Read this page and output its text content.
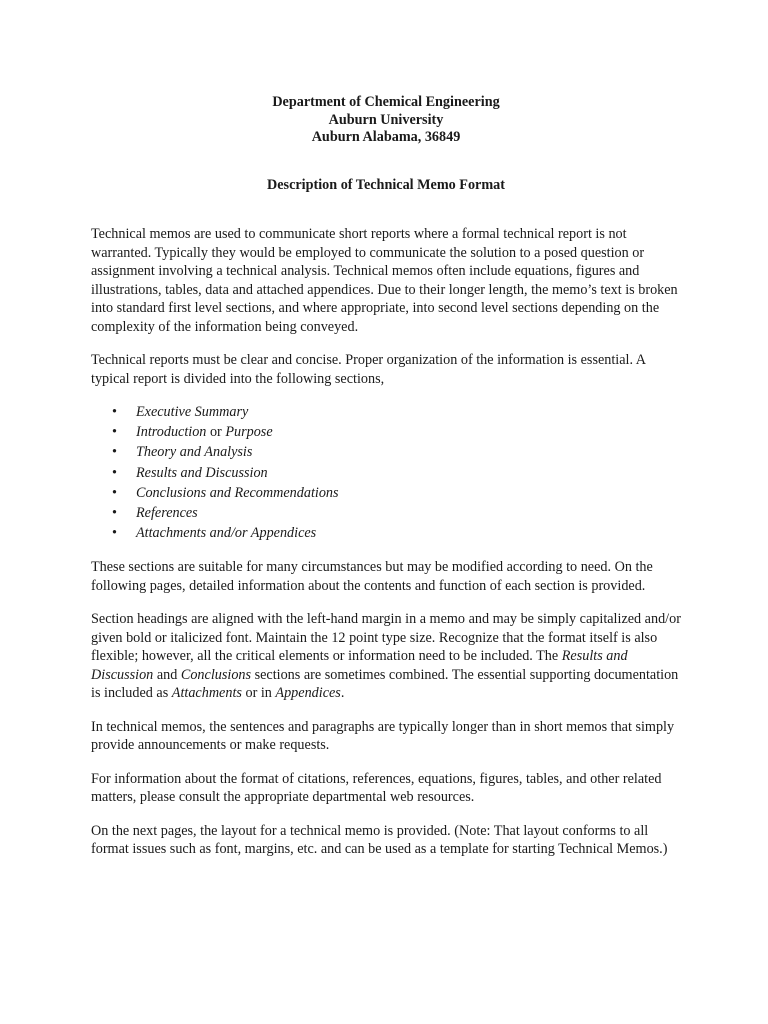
Department of Chemical Engineering
Auburn University
Auburn Alabama, 36849
Description of Technical Memo Format

Technical memos are used to communicate short reports where a formal technical report is not warranted. Typically they would be employed to communicate the solution to a posed question or assignment involving a technical analysis. Technical memos often include equations, figures and illustrations, tables, data and attached appendices. Due to their longer length, the memo’s text is broken into standard first level sections, and where appropriate, into second level sections depending on the complexity of the information being conveyed.

Technical reports must be clear and concise. Proper organization of the information is essential. A typical report is divided into the following sections,

• Executive Summary
• Introduction or Purpose
• Theory and Analysis
• Results and Discussion
• Conclusions and Recommendations
• References
• Attachments and/or Appendices

These sections are suitable for many circumstances but may be modified according to need. On the following pages, detailed information about the contents and function of each section is provided.

Section headings are aligned with the left-hand margin in a memo and may be simply capitalized and/or given bold or italicized font. Maintain the 12 point type size. Recognize that the format itself is also flexible; however, all the critical elements or information need to be included. The Results and Discussion and Conclusions sections are sometimes combined. The essential supporting documentation is included as Attachments or in Appendices.

In technical memos, the sentences and paragraphs are typically longer than in short memos that simply provide announcements or make requests.

For information about the format of citations, references, equations, figures, tables, and other related matters, please consult the appropriate departmental web resources.

On the next pages, the layout for a technical memo is provided. (Note: That layout conforms to all format issues such as font, margins, etc. and can be used as a template for starting Technical Memos.)
